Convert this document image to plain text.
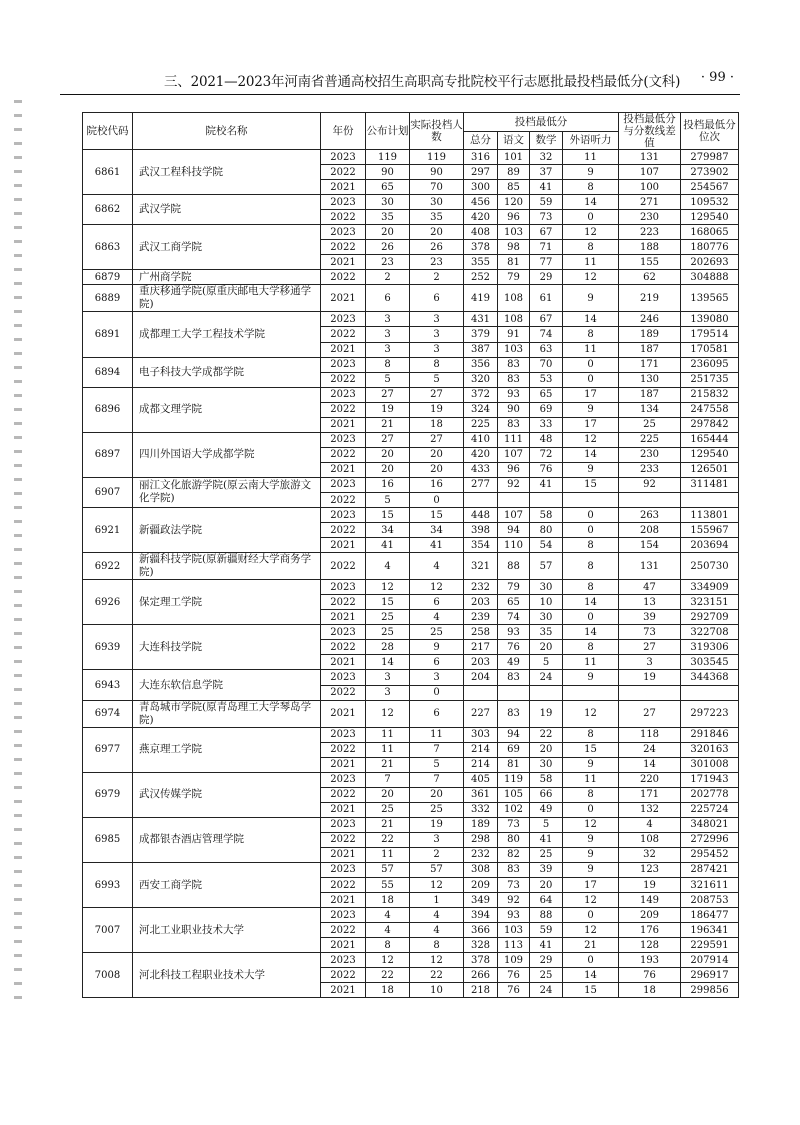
三、2021—2023年河南省普通高校招生高职高专批院校平行志愿批最投档最低分(文科) · 99 ·
院校代码	院校名称	年份	公布计划	实际投档人数	投档最低分				投档最低分与分数线差值	投档最低分位次
					总分	语文	数学	外语听力		
6861	武汉工程科技学院	2023	119	119	316	101	32	11	131	279987
		2022	90	90	297	89	37	9	107	273902
		2021	65	70	300	85	41	8	100	254567
6862	武汉学院	2023	30	30	456	120	59	14	271	109532
		2022	35	35	420	96	73	0	230	129540
6863	武汉工商学院	2023	20	20	408	103	67	12	223	168065
		2022	26	26	378	98	71	8	188	180776
		2021	23	23	355	81	77	11	155	202693
6879	广州商学院	2022	2	2	252	79	29	12	62	304888
6889	重庆移通学院(原重庆邮电大学移通学院)	2021	6	6	419	108	61	9	219	139565
6891	成都理工大学工程技术学院	2023	3	3	431	108	67	14	246	139080
		2022	3	3	379	91	74	8	189	179514
		2021	3	3	387	103	63	11	187	170581
6894	电子科技大学成都学院	2023	8	8	356	83	70	0	171	236095
		2022	5	5	320	83	53	0	130	251735
6896	成都文理学院	2023	27	27	372	93	65	17	187	215832
		2022	19	19	324	90	69	9	134	247558
		2021	21	18	225	83	33	17	25	297842
6897	四川外国语大学成都学院	2023	27	27	410	111	48	12	225	165444
		2022	20	20	420	107	72	14	230	129540
		2021	20	20	433	96	76	9	233	126501
6907	丽江文化旅游学院(原云南大学旅游文化学院)	2023	16	16	277	92	41	15	92	311481
		2022	5	0						
6921	新疆政法学院	2023	15	15	448	107	58	0	263	113801
		2022	34	34	398	94	80	0	208	155967
		2021	41	41	354	110	54	8	154	203694
6922	新疆科技学院(原新疆财经大学商务学院)	2022	4	4	321	88	57	8	131	250730
6926	保定理工学院	2023	12	12	232	79	30	8	47	334909
		2022	15	6	203	65	10	14	13	323151
		2021	25	4	239	74	30	0	39	292709
6939	大连科技学院	2023	25	25	258	93	35	14	73	322708
		2022	28	9	217	76	20	8	27	319306
		2021	14	6	203	49	5	11	3	303545
6943	大连东软信息学院	2023	3	3	204	83	24	9	19	344368
		2022	3	0						
6974	青岛城市学院(原青岛理工大学琴岛学院)	2021	12	6	227	83	19	12	27	297223
6977	燕京理工学院	2023	11	11	303	94	22	8	118	291846
		2022	11	7	214	69	20	15	24	320163
		2021	21	5	214	81	30	9	14	301008
6979	武汉传媒学院	2023	7	7	405	119	58	11	220	171943
		2022	20	20	361	105	66	8	171	202778
		2021	25	25	332	102	49	0	132	225724
6985	成都银杏酒店管理学院	2023	21	19	189	73	5	12	4	348021
		2022	22	3	298	80	41	9	108	272996
		2021	11	2	232	82	25	9	32	295452
6993	西安工商学院	2023	57	57	308	83	39	9	123	287421
		2022	55	12	209	73	20	17	19	321611
		2021	18	1	349	92	64	12	149	208753
7007	河北工业职业技术大学	2023	4	4	394	93	88	0	209	186477
		2022	4	4	366	103	59	12	176	196341
		2021	8	8	328	113	41	21	128	229591
7008	河北科技工程职业技术大学	2023	12	12	378	109	29	0	193	207914
		2022	22	22	266	76	25	14	76	296917
		2021	18	10	218	76	24	15	18	299856
